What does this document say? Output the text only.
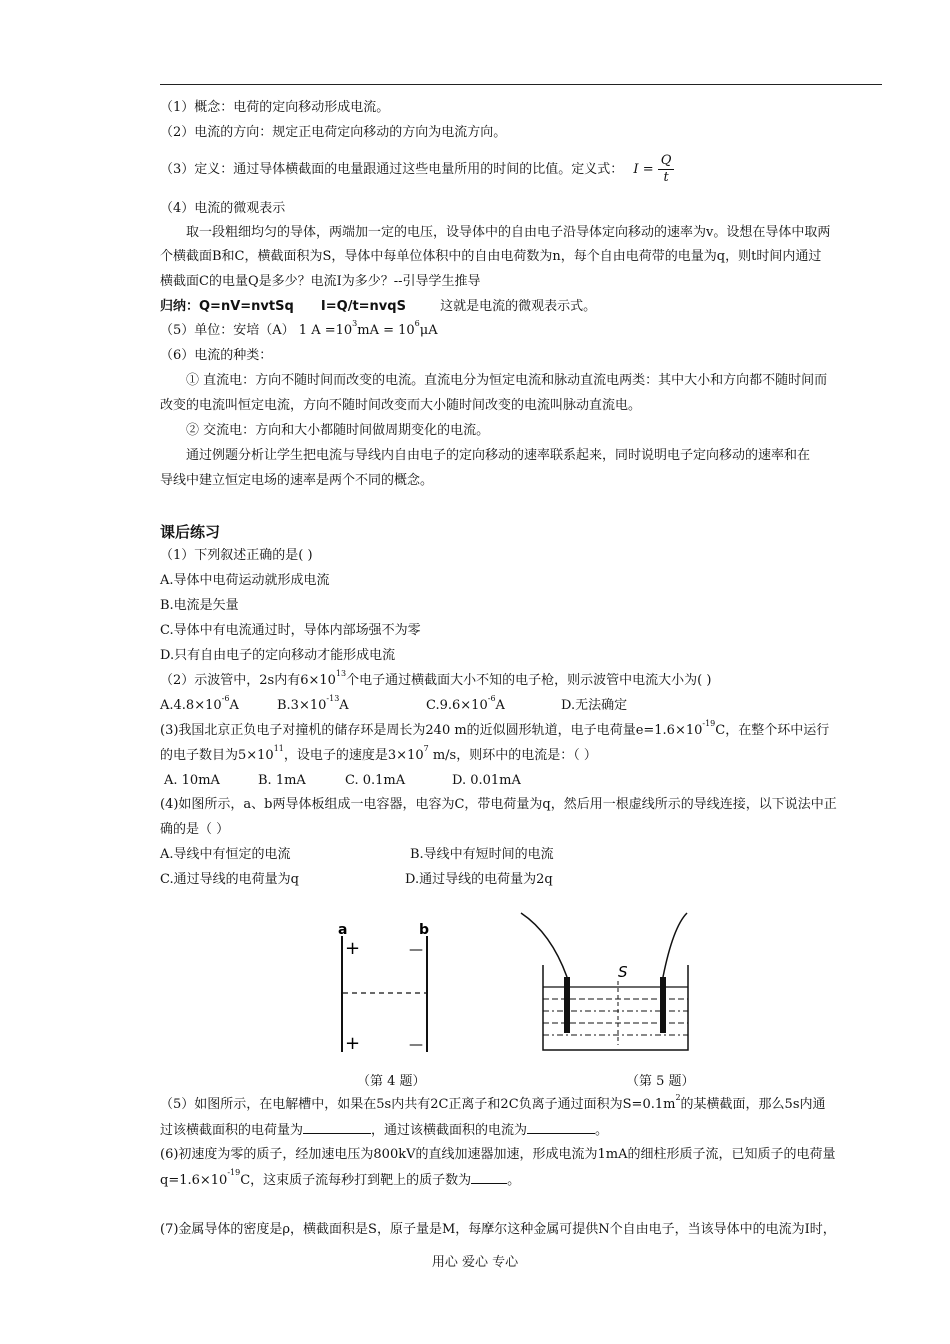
（1）概念：电荷的定向移动形成电流。
（2）电流的方向：规定正电荷定向移动的方向为电流方向。
（3）定义：通过导体横截面的电量跟通过这些电量所用的时间的比值。定义式： $I = \frac{Q}{t}$
（4）电流的微观表示
取一段粗细均匀的导体，两端加一定的电压，设导体中的自由电子沿导体定向移动的速率为v。设想在导体中取两
个横截面B和C，横截面积为S，导体中每单位体积中的自由电荷数为n，每个自由电荷带的电量为q，则t时间内通过
横截面C的电量Q是多少？电流I为多少？--引导学生推导
归纳：Q=nV=nvtSq      I=Q/t=nvqS	这就是电流的微观表示式。
（5）单位：安培（A） 1 $A =10^3mA = 10^6\mu A$
（6）电流的种类：
① 直流电：方向不随时间而改变的电流。直流电分为恒定电流和脉动直流电两类：其中大小和方向都不随时间而
改变的电流叫恒定电流，方向不随时间改变而大小随时间改变的电流叫脉动直流电。
② 交流电：方向和大小都随时间做周期变化的电流。
通过例题分析让学生把电流与导线内自由电子的定向移动的速率联系起来，同时说明电子定向移动的速率和在
导线中建立恒定电场的速率是两个不同的概念。
课后练习
（1）下列叙述正确的是( )
A.导体中电荷运动就形成电流
B.电流是矢量
C.导体中有电流通过时，导体内部场强不为零
D.只有自由电子的定向移动才能形成电流
（2）示波管中，2s内有$6\times 10^{13}$个电子通过横截面大小不知的电子枪，则示波管中电流大小为( )
$A.4.8\times 10^{-6}A$	$B.3\times 10^{-13}A$	$C.9.6\times 10^{-6}A$	D.无法确定
(3)我国北京正负电子对撞机的储存环是周长为240 m的近似圆形轨道，电子电荷量$e=1.6\times 10^{-19}C$，在整个环中运行
的电子数目为$5\times 10^{11}$，设电子的速度是$3\times 10^7$ m/s，则环中的电流是：（ ）
A. 10mA	B. 1mA	C. 0.1mA	D. 0.01mA
(4)如图所示，a、b两导体板组成一电容器，电容为C，带电荷量为q，然后用一根虚线所示的导线连接，以下说法中正
确的是（ ）
A.导线中有恒定的电流	B.导线中有短时间的电流
C.通过导线的电荷量为q	D.通过导线的电荷量为2q
a	b
+
+
—
—
S
（第 4 题）	（第 5 题）
（5）如图所示，在电解槽中，如果在5s内共有2C正离子和2C负离子通过面积为$S=0.1m^2$的某横截面，那么5s内通
过该横截面积的电荷量为	，通过该横截面积的电流为	。
(6)初速度为零的质子，经加速电压为800kV的直线加速器加速，形成电流为1mA的细柱形质子流，已知质子的电荷量
$q=1.6\times 10^{-19}C$，这束质子流每秒打到靶上的质子数为	。
(7)金属导体的密度是ρ，横截面积是S，原子量是M，每摩尔这种金属可提供N个自由电子，当该导体中的电流为I时，
用心 爱心 专心
